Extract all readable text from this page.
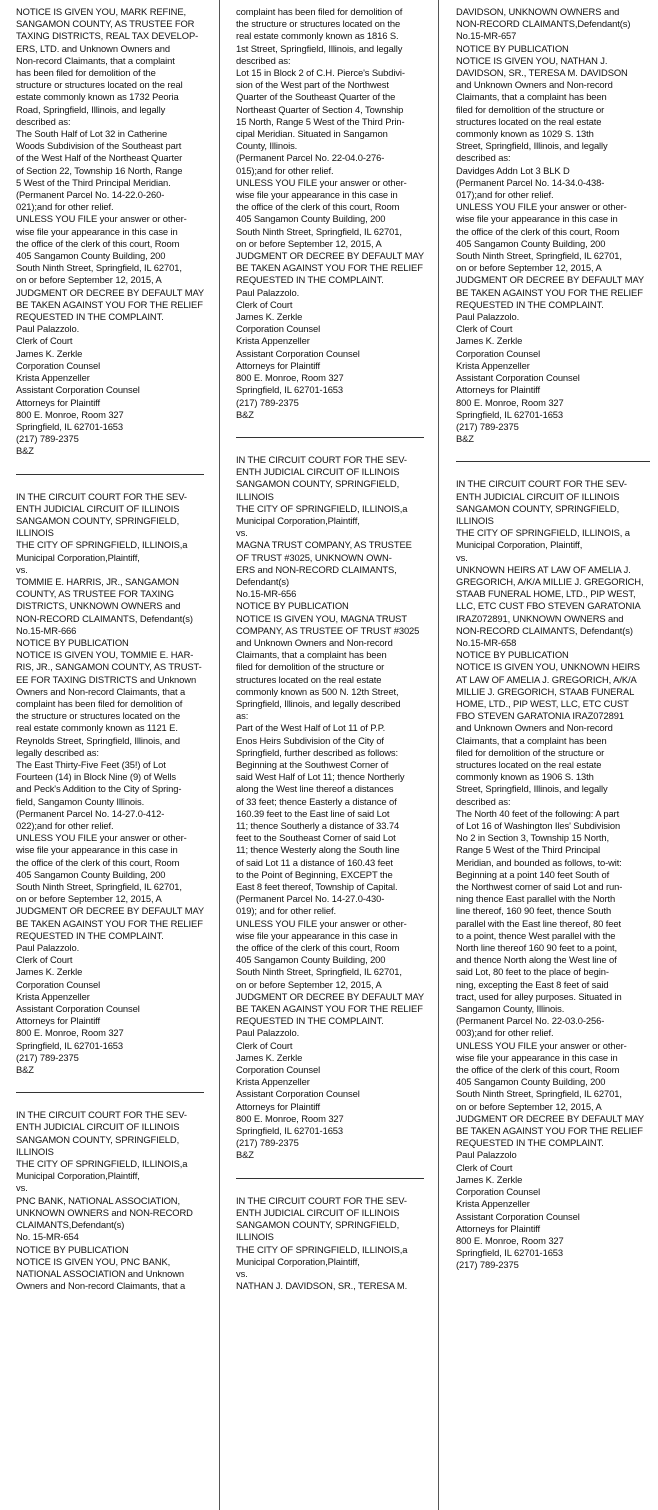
NOTICE IS GIVEN YOU, MARK REFINE,
SANGAMON COUNTY, AS TRUSTEE FOR
TAXING DISTRICTS, REAL TAX DEVELOP-
ERS, LTD. and Unknown Owners and
Non-record Claimants, that a complaint
has been filed for demolition of the
structure or structures located on the real
estate commonly known as 1732 Peoria
Road, Springfield, Illinois, and legally
described as:
The South Half of Lot 32 in Catherine
Woods Subdivision of the Southeast part
of the West Half of the Northeast Quarter
of Section 22, Township 16 North, Range
5 West of the Third Principal Meridian.
(Permanent Parcel No. 14-22.0-260-
021);and for other relief.
UNLESS YOU FILE your answer or other-
wise file your appearance in this case in
the office of the clerk of this court, Room
405 Sangamon County Building, 200
South Ninth Street, Springfield, IL 62701,
on or before September 12, 2015, A
JUDGMENT OR DECREE BY DEFAULT MAY
BE TAKEN AGAINST YOU FOR THE RELIEF
REQUESTED IN THE COMPLAINT.
Paul Palazzolo.
Clerk of Court
James K. Zerkle
Corporation Counsel
Krista Appenzeller
Assistant Corporation Counsel
Attorneys for Plaintiff
800 E. Monroe, Room 327
Springfield, IL 62701-1653
(217) 789-2375
B&Z
IN THE CIRCUIT COURT FOR THE SEV-
ENTH JUDICIAL CIRCUIT OF ILLINOIS
SANGAMON COUNTY, SPRINGFIELD,
ILLINOIS
THE CITY OF SPRINGFIELD, ILLINOIS,a
Municipal Corporation,Plaintiff,
vs.
TOMMIE E. HARRIS, JR., SANGAMON
COUNTY, AS TRUSTEE FOR TAXING
DISTRICTS, UNKNOWN OWNERS and
NON-RECORD CLAIMANTS, Defendant(s)
No.15-MR-666
NOTICE BY PUBLICATION
NOTICE IS GIVEN YOU, TOMMIE E. HAR-
RIS, JR., SANGAMON COUNTY, AS TRUST-
EE FOR TAXING DISTRICTS and Unknown
Owners and Non-record Claimants, that a
complaint has been filed for demolition of
the structure or structures located on the
real estate commonly known as 1121 E.
Reynolds Street, Springfield, Illinois, and
legally described as:
The East Thirty-Five Feet (35!) of Lot
Fourteen (14) in Block Nine (9) of Wells
and Peck's Addition to the City of Spring-
field, Sangamon County Illinois.
(Permanent Parcel No. 14-27.0-412-
022);and for other relief.
UNLESS YOU FILE your answer or other-
wise file your appearance in this case in
the office of the clerk of this court, Room
405 Sangamon County Building, 200
South Ninth Street, Springfield, IL 62701,
on or before September 12, 2015, A
JUDGMENT OR DECREE BY DEFAULT MAY
BE TAKEN AGAINST YOU FOR THE RELIEF
REQUESTED IN THE COMPLAINT.
Paul Palazzolo.
Clerk of Court
James K. Zerkle
Corporation Counsel
Krista Appenzeller
Assistant Corporation Counsel
Attorneys for Plaintiff
800 E. Monroe, Room 327
Springfield, IL 62701-1653
(217) 789-2375
B&Z
IN THE CIRCUIT COURT FOR THE SEV-
ENTH JUDICIAL CIRCUIT OF ILLINOIS
SANGAMON COUNTY, SPRINGFIELD,
ILLINOIS
THE CITY OF SPRINGFIELD, ILLINOIS,a
Municipal Corporation,Plaintiff,
vs.
PNC BANK, NATIONAL ASSOCIATION,
UNKNOWN OWNERS and NON-RECORD
CLAIMANTS,Defendant(s)
No. 15-MR-654
NOTICE BY PUBLICATION
NOTICE IS GIVEN YOU, PNC BANK,
NATIONAL ASSOCIATION and Unknown
Owners and Non-record Claimants, that a
complaint has been filed for demolition of
the structure or structures located on the
real estate commonly known as 1816 S.
1st Street, Springfield, Illinois, and legally
described as:
Lot 15 in Block 2 of C.H. Pierce's Subdivi-
sion of the West part of the Northwest
Quarter of the Southeast Quarter of the
Northeast Quarter of Section 4, Township
15 North, Range 5 West of the Third Prin-
cipal Meridian. Situated in Sangamon
County, Illinois.
(Permanent Parcel No. 22-04.0-276-
015);and for other relief.
UNLESS YOU FILE your answer or other-
wise file your appearance in this case in
the office of the clerk of this court, Room
405 Sangamon County Building, 200
South Ninth Street, Springfield, IL 62701,
on or before September 12, 2015, A
JUDGMENT OR DECREE BY DEFAULT MAY
BE TAKEN AGAINST YOU FOR THE RELIEF
REQUESTED IN THE COMPLAINT.
Paul Palazzolo.
Clerk of Court
James K. Zerkle
Corporation Counsel
Krista Appenzeller
Assistant Corporation Counsel
Attorneys for Plaintiff
800 E. Monroe, Room 327
Springfield, IL 62701-1653
(217) 789-2375
B&Z
IN THE CIRCUIT COURT FOR THE SEV-
ENTH JUDICIAL CIRCUIT OF ILLINOIS
SANGAMON COUNTY, SPRINGFIELD,
ILLINOIS
THE CITY OF SPRINGFIELD, ILLINOIS,a
Municipal Corporation,Plaintiff,
vs.
MAGNA TRUST COMPANY, AS TRUSTEE
OF TRUST #3025, UNKNOWN OWN-
ERS and NON-RECORD CLAIMANTS,
Defendant(s)
No.15-MR-656
NOTICE BY PUBLICATION
NOTICE IS GIVEN YOU, MAGNA TRUST
COMPANY, AS TRUSTEE OF TRUST #3025
and Unknown Owners and Non-record
Claimants, that a complaint has been
filed for demolition of the structure or
structures located on the real estate
commonly known as 500 N. 12th Street,
Springfield, Illinois, and legally described
as:
Part of the West Half of Lot 11 of P.P.
Enos Heirs Subdivision of the City of
Springfield, further described as follows:
Beginning at the Southwest Corner of
said West Half of Lot 11; thence Northerly
along the West line thereof a distances
of 33 feet; thence Easterly a distance of
160.39 feet to the East line of said Lot
11; thence Southerly a distance of 33.74
feet to the Southeast Corner of said Lot
11; thence Westerly along the South line
of said Lot 11 a distance of 160.43 feet
to the Point of Beginning, EXCEPT the
East 8 feet thereof, Township of Capital.
(Permanent Parcel No. 14-27.0-430-
019); and for other relief.
UNLESS YOU FILE your answer or other-
wise file your appearance in this case in
the office of the clerk of this court, Room
405 Sangamon County Building, 200
South Ninth Street, Springfield, IL 62701,
on or before September 12, 2015, A
JUDGMENT OR DECREE BY DEFAULT MAY
BE TAKEN AGAINST YOU FOR THE RELIEF
REQUESTED IN THE COMPLAINT.
Paul Palazzolo.
Clerk of Court
James K. Zerkle
Corporation Counsel
Krista Appenzeller
Assistant Corporation Counsel
Attorneys for Plaintiff
800 E. Monroe, Room 327
Springfield, IL 62701-1653
(217) 789-2375
B&Z
IN THE CIRCUIT COURT FOR THE SEV-
ENTH JUDICIAL CIRCUIT OF ILLINOIS
SANGAMON COUNTY, SPRINGFIELD,
ILLINOIS
THE CITY OF SPRINGFIELD, ILLINOIS,a
Municipal Corporation,Plaintiff,
vs.
NATHAN J. DAVIDSON, SR., TERESA M.
DAVIDSON, UNKNOWN OWNERS and
NON-RECORD CLAIMANTS,Defendant(s)
No.15-MR-657
NOTICE BY PUBLICATION
NOTICE IS GIVEN YOU, NATHAN J.
DAVIDSON, SR., TERESA M. DAVIDSON
and Unknown Owners and Non-record
Claimants, that a complaint has been
filed for demolition of the structure or
structures located on the real estate
commonly known as 1029 S. 13th
Street, Springfield, Illinois, and legally
described as:
Davidges Addn Lot 3 BLK D
(Permanent Parcel No. 14-34.0-438-
017);and for other relief.
UNLESS YOU FILE your answer or other-
wise file your appearance in this case in
the office of the clerk of this court, Room
405 Sangamon County Building, 200
South Ninth Street, Springfield, IL 62701,
on or before September 12, 2015, A
JUDGMENT OR DECREE BY DEFAULT MAY
BE TAKEN AGAINST YOU FOR THE RELIEF
REQUESTED IN THE COMPLAINT.
Paul Palazzolo.
Clerk of Court
James K. Zerkle
Corporation Counsel
Krista Appenzeller
Assistant Corporation Counsel
Attorneys for Plaintiff
800 E. Monroe, Room 327
Springfield, IL 62701-1653
(217) 789-2375
B&Z
IN THE CIRCUIT COURT FOR THE SEV-
ENTH JUDICIAL CIRCUIT OF ILLINOIS
SANGAMON COUNTY, SPRINGFIELD,
ILLINOIS
THE CITY OF SPRINGFIELD, ILLINOIS, a
Municipal Corporation, Plaintiff,
vs.
UNKNOWN HEIRS AT LAW OF AMELIA J.
GREGORICH, A/K/A MILLIE J. GREGORICH,
STAAB FUNERAL HOME, LTD., PIP WEST,
LLC, ETC CUST FBO STEVEN GARATONIA
IRAZ072891, UNKNOWN OWNERS and
NON-RECORD CLAIMANTS, Defendant(s)
No.15-MR-658
NOTICE BY PUBLICATION
NOTICE IS GIVEN YOU, UNKNOWN HEIRS
AT LAW OF AMELIA J. GREGORICH, A/K/A
MILLIE J. GREGORICH, STAAB FUNERAL
HOME, LTD., PIP WEST, LLC, ETC CUST
FBO STEVEN GARATONIA IRAZ072891
and Unknown Owners and Non-record
Claimants, that a complaint has been
filed for demolition of the structure or
structures located on the real estate
commonly known as 1906 S. 13th
Street, Springfield, Illinois, and legally
described as:
The North 40 feet of the following: A part
of Lot 16 of Washington Iles' Subdivision
No 2 in Section 3, Township 15 North,
Range 5 West of the Third Principal
Meridian, and bounded as follows, to-wit:
Beginning at a point 140 feet South of
the Northwest corner of said Lot and run-
ning thence East parallel with the North
line thereof, 160 90 feet, thence South
parallel with the East line thereof, 80 feet
to a point, thence West parallel with the
North line thereof 160 90 feet to a point,
and thence North along the West line of
said Lot, 80 feet to the place of begin-
ning, excepting the East 8 feet of said
tract, used for alley purposes. Situated in
Sangamon County, Illinois.
(Permanent Parcel No. 22-03.0-256-
003);and for other relief.
UNLESS YOU FILE your answer or other-
wise file your appearance in this case in
the office of the clerk of this court, Room
405 Sangamon County Building, 200
South Ninth Street, Springfield, IL 62701,
on or before September 12, 2015, A
JUDGMENT OR DECREE BY DEFAULT MAY
BE TAKEN AGAINST YOU FOR THE RELIEF
REQUESTED IN THE COMPLAINT.
Paul Palazzolo
Clerk of Court
James K. Zerkle
Corporation Counsel
Krista Appenzeller
Assistant Corporation Counsel
Attorneys for Plaintiff
800 E. Monroe, Room 327
Springfield, IL 62701-1653
(217) 789-2375
